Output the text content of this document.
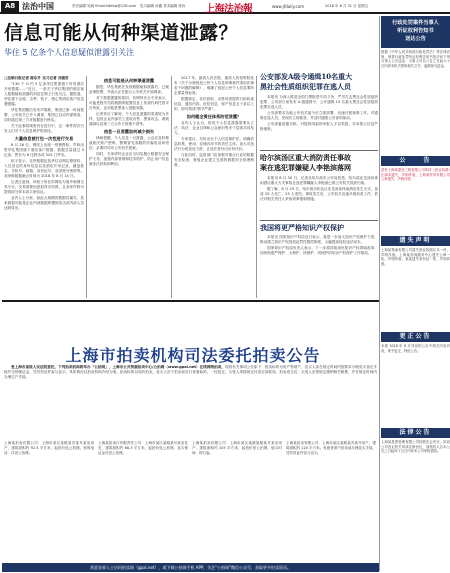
A8 法治中国	责任编辑 吴晓 Email:fzbfzw@126.com 见习编辑 孙鑫 美术编辑 张伟 上海法治報	www.jfdaily.com	2018 年 8 月 31 日 星期五
信息可能从何种渠道泄露？
华住 5 亿条个人信息疑似泄露引关注

□法制日报记者 陈东升 见习记者 刘建奇

"130 个 G 约 5 亿条华住集团旗下所有酒店开房数据……"近日，一条关于华住集团的酒店客人数据疑似泄露的消息在网上引发关注。据报道，华住旗下汉庭、全季、桔子、漫心等酒店客户信息遭泄露。

华住集团随后发布声明称，集团已第一时间报警，公安机关已介入调查，集团已启动内部核查，同时通过第三方对数据进行核实。

关于此事的调查仍在进行中，这一事件再次引发人们对个人信息保护的担忧。

大量信息被打包一次性进行交易

8 月 28 日，网络上出现一则销售帖，声称出售华住集团旗下酒店客户数据，数据总量超过 5 亿条，售价为 8 比特币或 520 门罗币。

帖子显示，这些数据包括华住官网注册资料、入住登记的身份信息以及酒店开房记录，涵盖姓名、手机号、邮箱、身份证号、登录账号密码等。卖家称数据截止时间为 2018 年 8 月 14 日。

记者注意到，该帖子所在的网站为境外暗网交易平台，交易需使用虚拟货币结算，且卖家声称可提供部分样本供买家验证。

业内人士分析，如此大规模的数据若属实，其来源很可能是企业内部数据库遭到攻击或内部人员违规导出。

信息可能是从何种渠道泄露

据悉，华住集团在发现数据疑似泄露后，已就此事报警，并表示正在配合公安机关开展调查。

对于数据泄露的原因，有网络安全专家表示，可能是程序员将数据库配置信息上传到代码托管平台所致，也可能是黑客入侵服务器。

记者采访了解到，个人信息泄露的渠道较为多样，包括企业内部员工违规出售、黑客攻击、系统漏洞以及第三方合作方管理不善等。

信息一旦泄露如何减少损失

律师提醒，个人信息一旦泄露，公众应及时修改相关账户密码，警惕冒充客服的诈骗电话和短信，必要时可向公安机关报案。

同时，专家呼吁企业应当切实履行数据安全保护义务，加强内部管理和技术防护，防止用户信息被非法获取和利用。

2017 年，最高人民法院、最高人民检察院发布《关于办理侵犯公民个人信息刑事案件适用法律若干问题的解释》，明确了侵犯公民个人信息罪的定罪量刑标准。

根据规定，非法获取、出售或者提供行踪轨迹信息、通信内容、征信信息、财产信息五十条以上的，即可构成"情节严重"。

如何健全责任体系防范泄露？

业内人士认为，防范个人信息泄露需要从立法、执法、企业自律和公众意识等多个层面共同发力。

专家建议，尽快出台个人信息保护法，明确信息收集、使用、存储各环节的责任主体，加大对违法行为的惩处力度，让违法者付出应有代价。

与此同时，监管部门应加强对重点行业的数据安全检查，督促企业建立完善的数据安全管理制度。

公安部发A级令通缉10名重大
黑社会性质组织犯罪在逃人员

本报讯 为深入推进全国扫黑除恶专项斗争，严厉打击黑社会性质组织犯罪，公安部日前发布 A 级通缉令，公开通缉 10 名重大黑社会性质组织犯罪在逃人员。

公安部要求各地公安机关接令后立即部署，迅速开展查缉工作。对通缉在逃人员，发现后立即抓获，并及时通报公安部刑侦局。

公安部悬赏通告称，对提供线索的举报人予以奖励，对举报人信息严格保密。

哈尔滨汤区重大消防责任事故
案在逃犯罪嫌疑人李艳滨落网

本报讯 8 月 30 日，记者从哈尔滨市公安局获悉，哈尔滨北龙汤泉休闲酒店重大火灾事故在逃犯罪嫌疑人李艳滨已被公安机关抓获归案。

据了解，8 月 25 日，哈尔滨市松北区北龙汤泉休闲酒店发生火灾，造成 20 人死亡、23 人受伤。事故发生后，公安机关迅速开展侦查工作，依法对相关责任人采取刑事强制措施。

我国将更严格知识产权保护

本报讯 国家知识产权局近日表示，将进一步加大知识产权保护力度，推动建立知识产权侵权惩罚性赔偿制度，大幅提高侵权违法成本。

国家知识产权局负责人表示，下一步将持续深化知识产权领域改革，加快构建严保护、大保护、快保护、同保护的知识产权保护工作格局。

行政处罚案件当事人
听证权利告知书
送达公告

根据《中华人民共和国行政处罚法》等法律法规，现将行政处罚听证权利告知书依法向下列当事人公告送达：当事人可自公告之日起六十日内到本机关领取相关文书，逾期视为送达。

公　　告

兹有上海某建设工程有限公司所持《营业执照》正副本遗失，声明作废。上海某贸易有限公司公章遗失，声明作废。

遗失声明

上海某物流有限公司遗失营业执照正本一份，声明作废。上海某咨询服务中心遗失公章一枚，声明作废。某某遗失身份证一张，声明作废。

更正公告

本报 2018 年 8 月刊登的公告中相关内容有误，现予更正，特此公告。

法律公告

上海某投资管理有限公司经股东会决议，拟向公司登记机关申请注销登记，请债权人自本公告之日起四十五日内向本公司申报债权。

上海市拍卖机构司法委托拍卖公告

受上海市高级人民法院委托，下列拍卖机构将举办「公拍网」，上海市公共资源拍卖中心/公拍网（www.gpai.net）在线网络拍卖，现将有关事项公告如下：拍卖标的为房产等财产，竞买人须在规定时间内按要求办理竞买登记手续并交纳保证金，凭有效证件参与竞买，具体情况以拍卖机构介绍为准。拍卖标的以现状拍卖，竞买人应于拍卖前自行查看标的，一经拍定，买受人须按规定付清全部款项。拍卖成交后，买受人应按规定缴纳相关税费，并在规定时间内办理过户手续。

上海某拍卖有限公司：上海市某区某路某弄某号某室房产，建筑面积约 92.5 平方米，起拍价见公拍网。咨询电话：详见公拍网。

上海某拍卖行有限责任公司：上海市某区某路某号某室住宅，建筑面积约 68.3 平方米，起拍价见公拍网。竞买保证金详见公拍网。

上海某拍卖有限公司：上海市某区某镇某路某号某室房产，建筑面积约 105 平方米，起拍价见公拍网。展示时间：即日起。

上海某拍卖有限公司：上海市某区某路某弄某号房产，建筑面积约 120 平方米。有意者请于拍卖前办理竞买手续，凭有效证件参与竞买。

欢迎各界人士访问拍卖网（gpai.net），或下载公拍网手机 APP，关注"公拍网"微信公众号，获取更多拍卖资讯。
